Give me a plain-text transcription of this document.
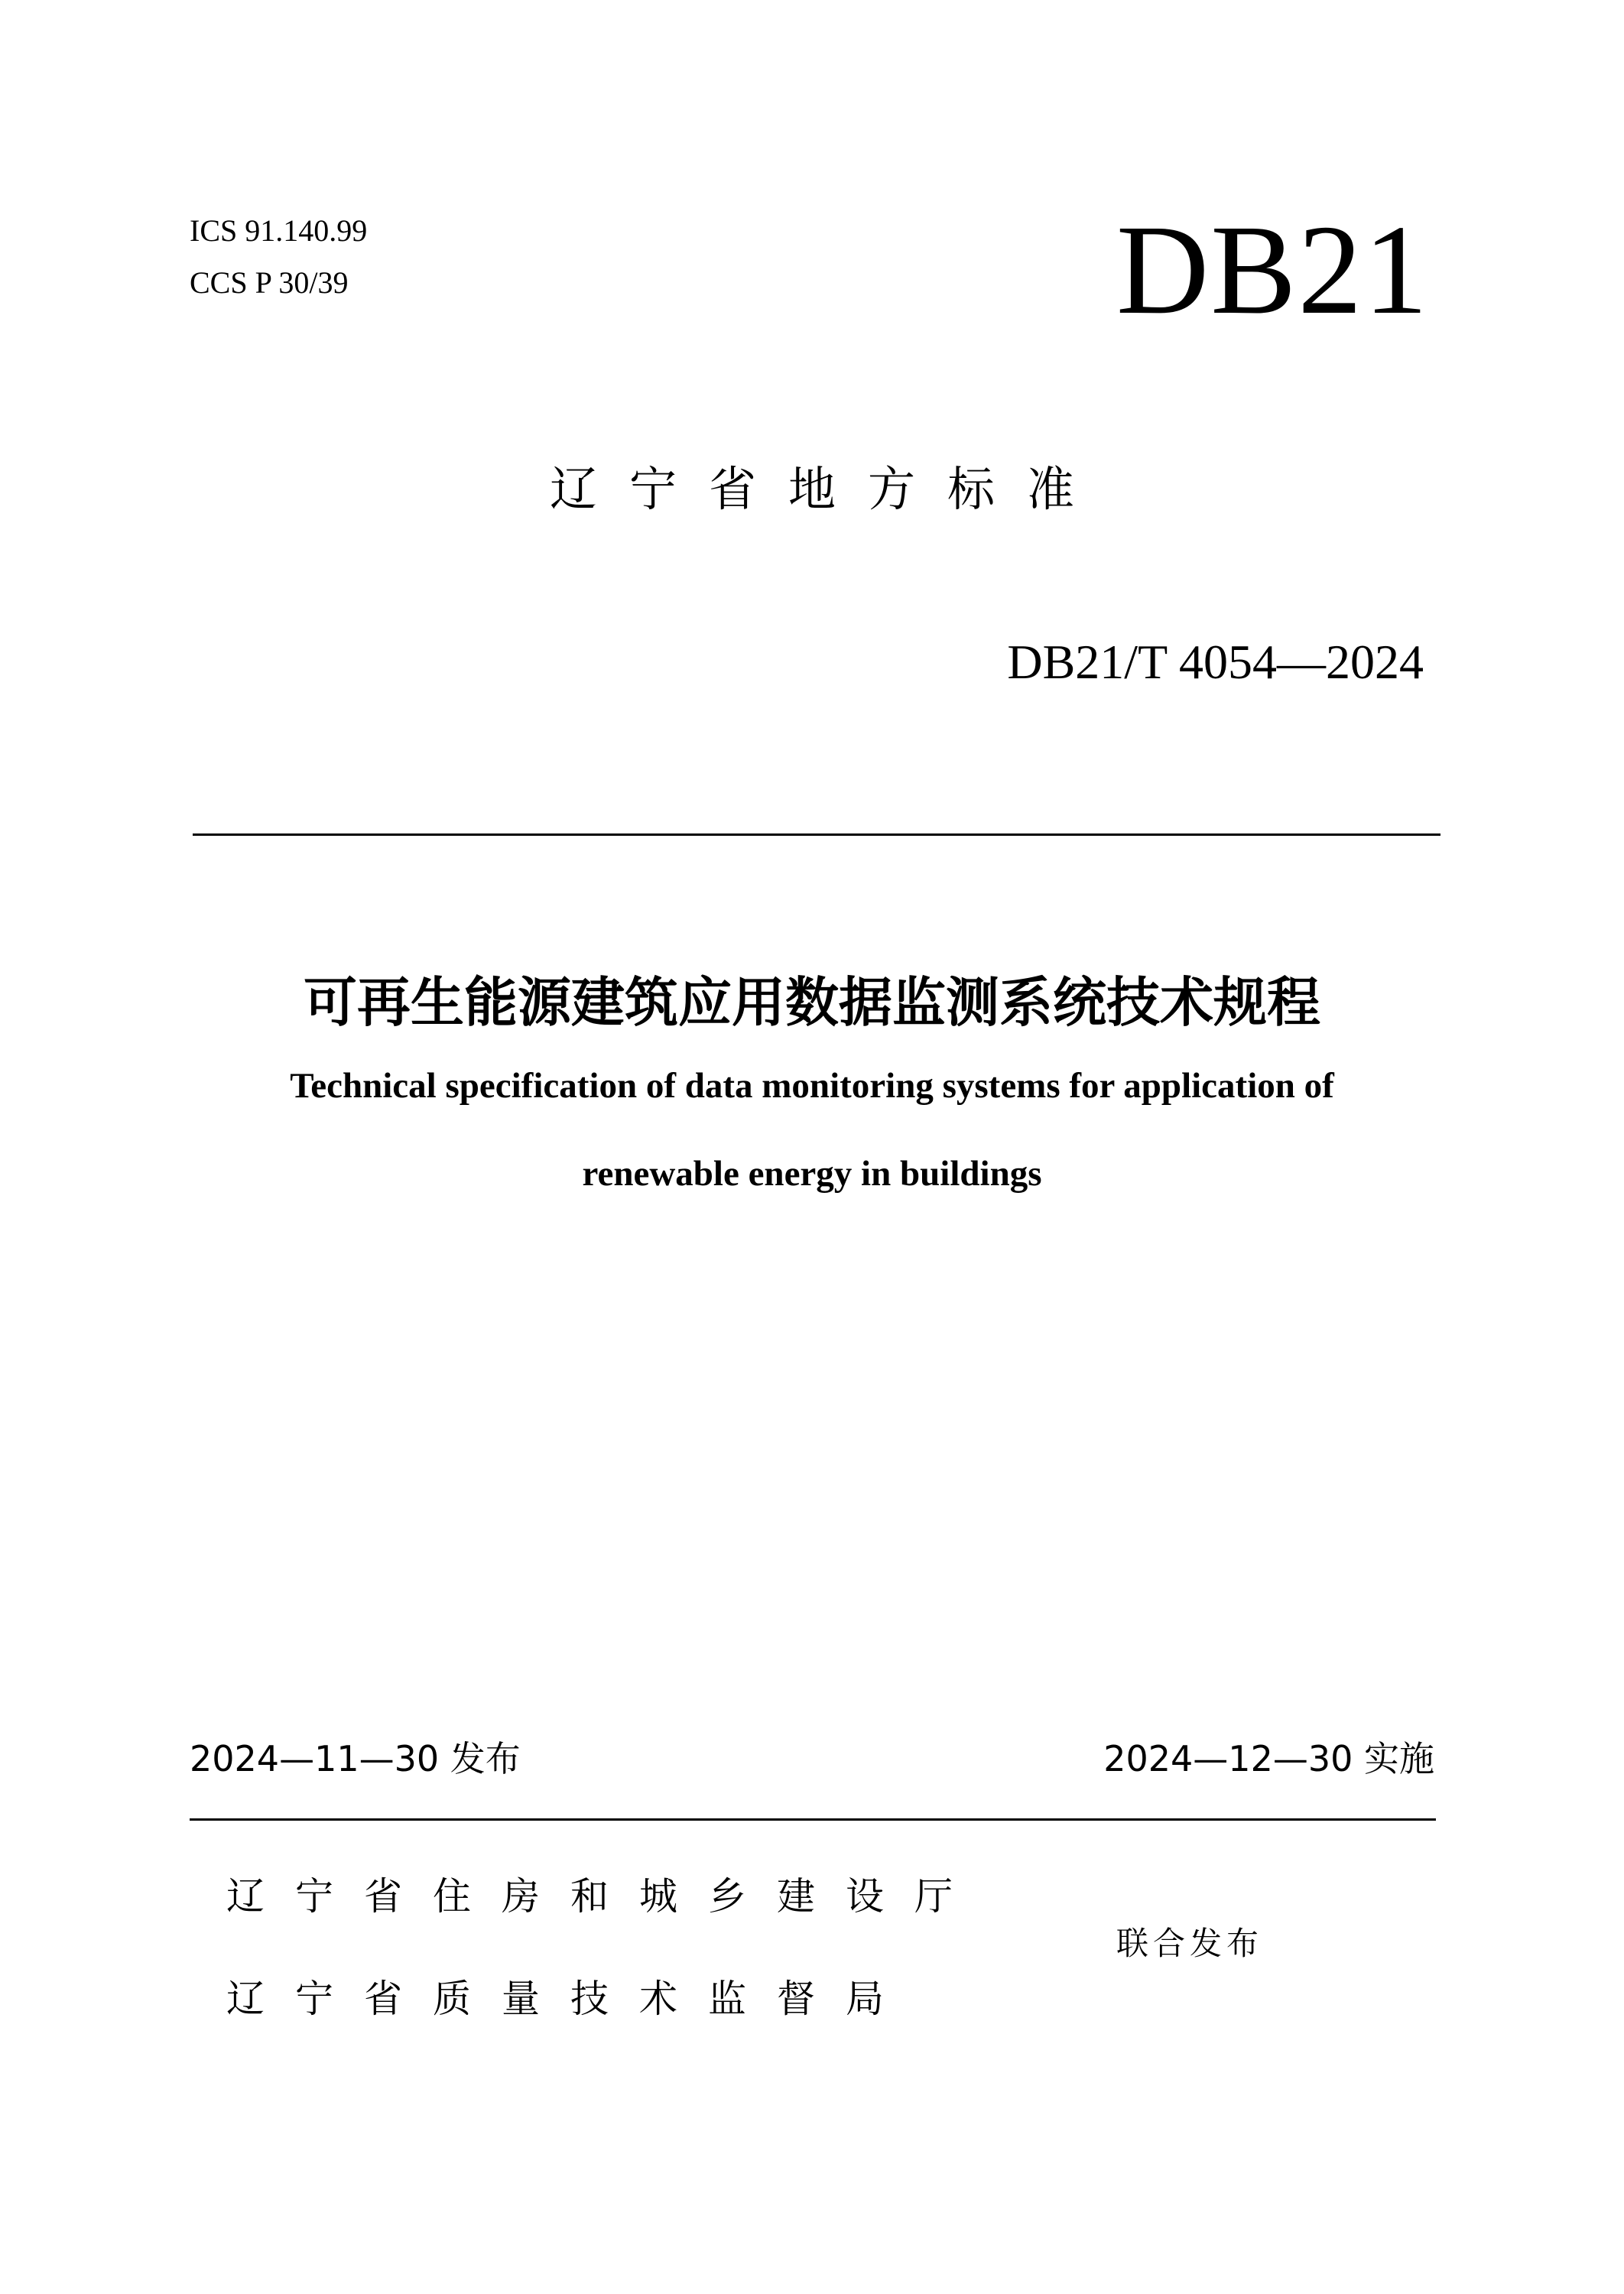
ICS 91.140.99
CCS P 30/39	DB21
辽宁省地方标准
DB21/T 4054—2024
可再生能源建筑应用数据监测系统技术规程
Technical specification of data monitoring systems for application of
renewable energy in buildings
2024—11—30 发布	2024—12—30 实施
辽宁省住房和城乡建设厅
辽宁省质量技术监督局
联合发布
